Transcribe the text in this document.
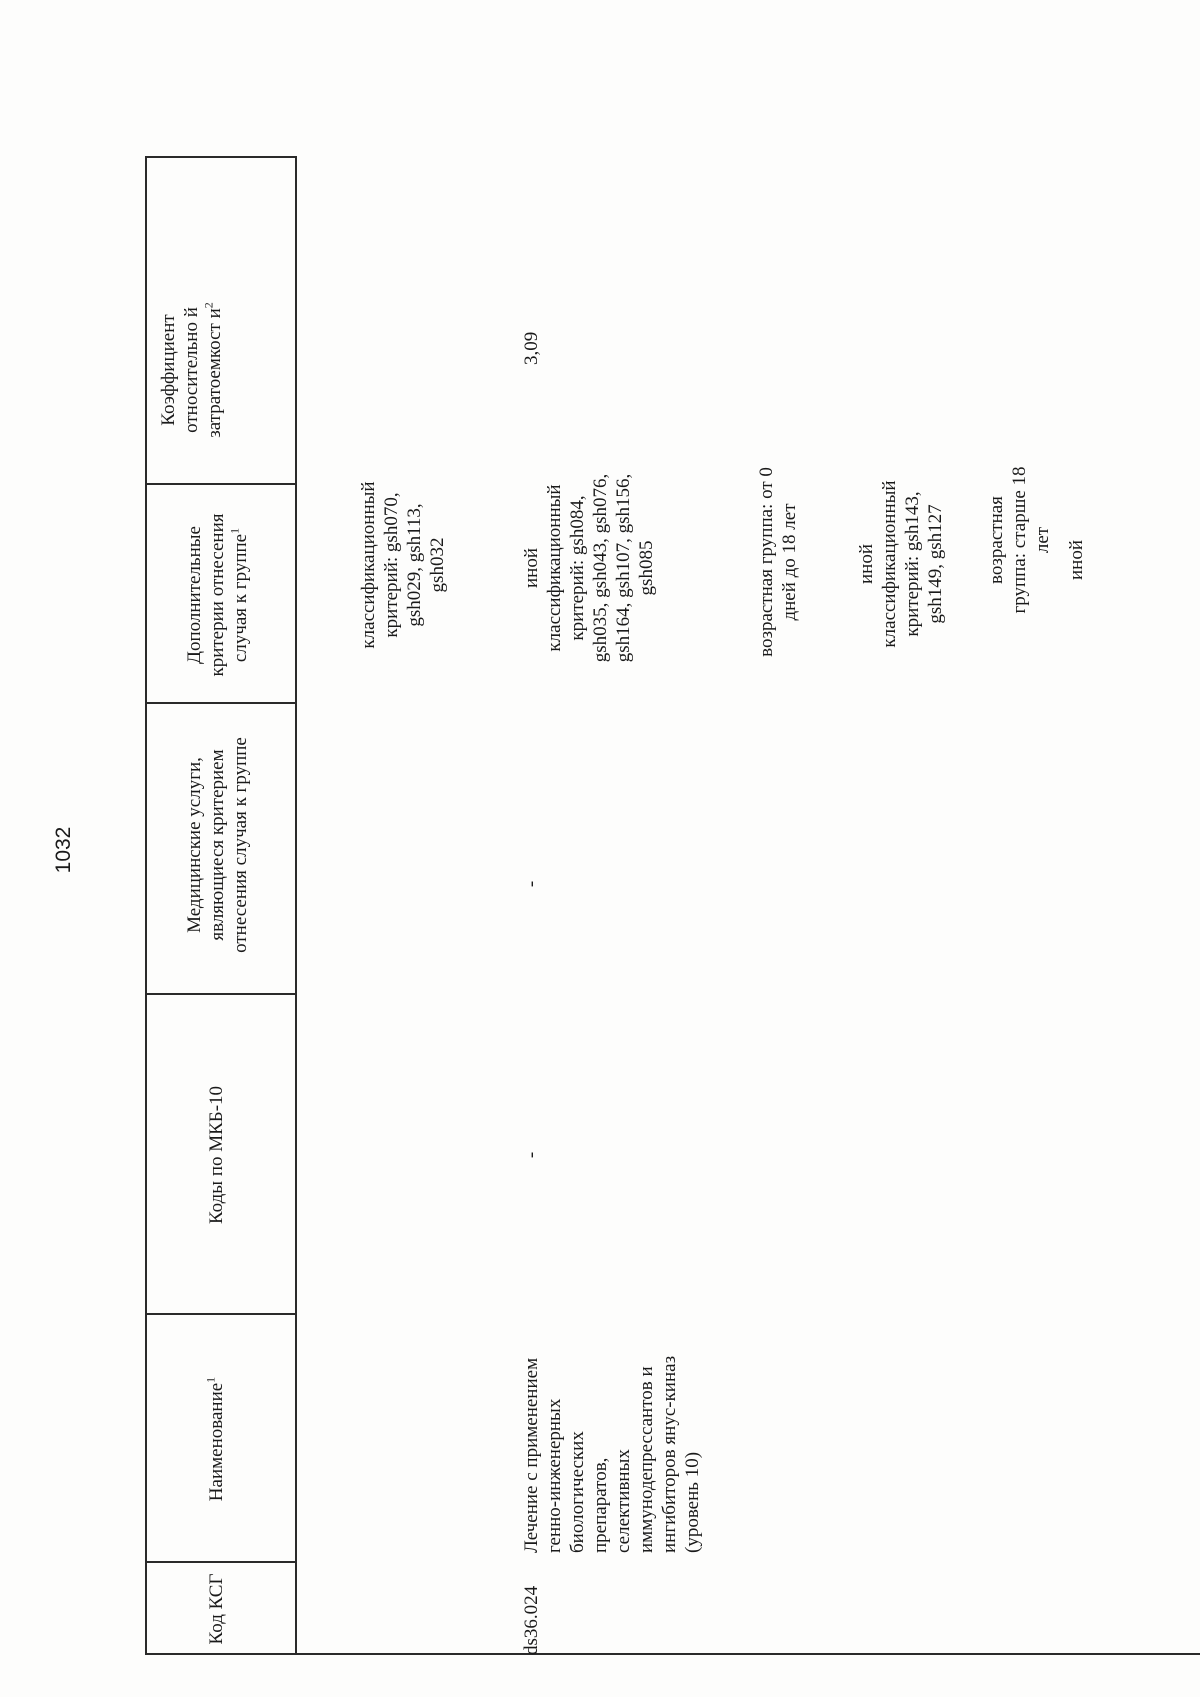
1032
Код КСГ
Наименование$^1$
Коды по МКБ-10
Медицинские услуги, являющиеся критерием отнесения случая к группе
Дополнительные критерии отнесения случая к группе$^1$
Коэффициент относительно й затратоемкост $и^2$
классификационный критерий: gsh070, gsh029, gsh113, gsh032
ds36.024
Лечение с применением генно-инженерных биологических препаратов, селективных иммунодепрессантов и ингибиторов янус-киназ (уровень 10)
-
-
иной классификационный критерий: gsh084, gsh035, gsh043, gsh076, gsh164, gsh107, gsh156, gsh085	возрастная группа: от 0 дней до 18 лет	иной классификационный критерий: gsh143, gsh149, gsh127 возрастная группа: старше 18 лет иной
3,09
